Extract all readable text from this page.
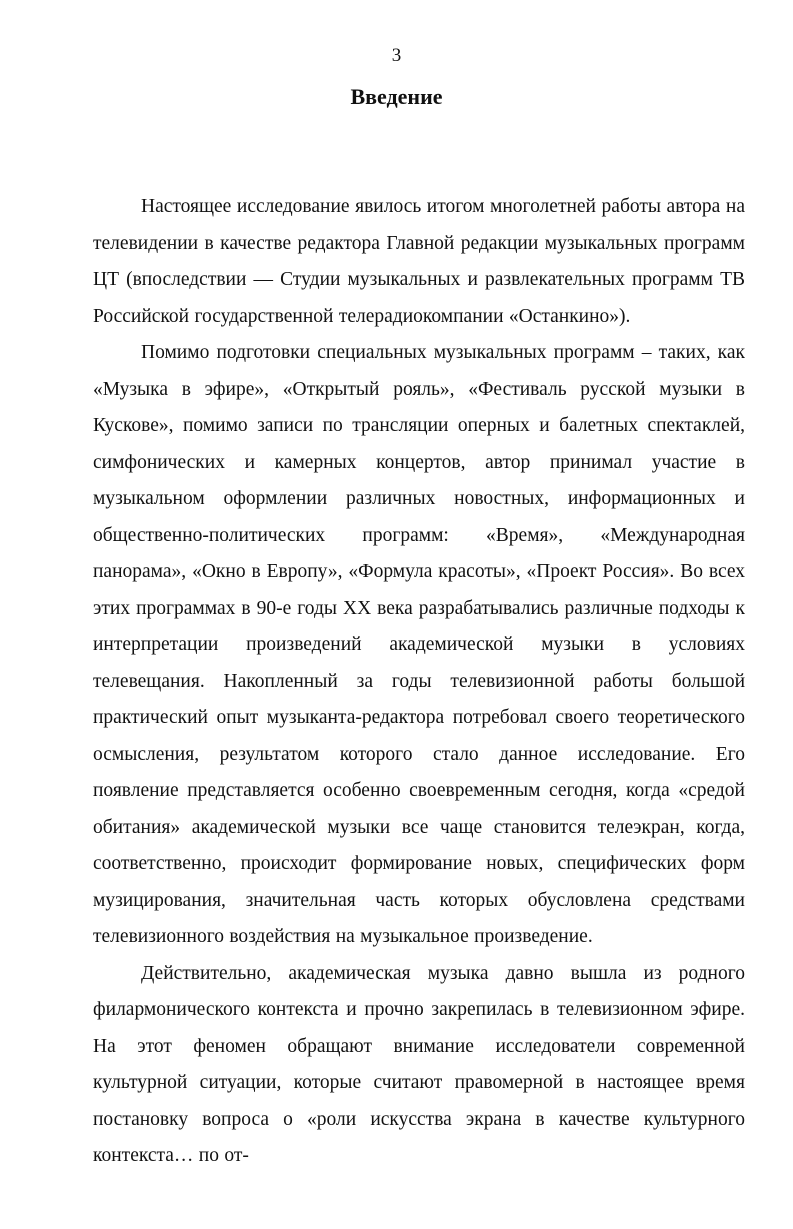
3
Введение

Настоящее исследование явилось итогом многолетней работы автора на телевидении в качестве редактора Главной редакции музыкальных программ ЦТ (впоследствии — Студии музыкальных и развлекательных программ ТВ Российской государственной телерадиокомпании «Останкино»).

Помимо подготовки специальных музыкальных программ – таких, как «Музыка в эфире», «Открытый рояль», «Фестиваль русской музыки в Кускове», помимо записи по трансляции оперных и балетных спектаклей, симфонических и камерных концертов, автор принимал участие в музыкальном оформлении различных новостных, информационных и общественно-политических программ: «Время», «Международная панорама», «Окно в Европу», «Формула красоты», «Проект Россия». Во всех этих программах в 90-е годы XX века разрабатывались различные подходы к интерпретации произведений академической музыки в условиях телевещания. Накопленный за годы телевизионной работы большой практический опыт музыканта-редактора потребовал своего теоретического осмысления, результатом которого стало данное исследование. Его появление представляется особенно своевременным сегодня, когда «средой обитания» академической музыки все чаще становится телеэкран, когда, соответственно, происходит формирование новых, специфических форм музицирования, значительная часть которых обусловлена средствами телевизионного воздействия на музыкальное произведение.

Действительно, академическая музыка давно вышла из родного филармонического контекста и прочно закрепилась в телевизионном эфире. На этот феномен обращают внимание исследователи современной культурной ситуации, которые считают правомерной в настоящее время постановку вопроса о «роли искусства экрана в качестве культурного контекста… по от-
